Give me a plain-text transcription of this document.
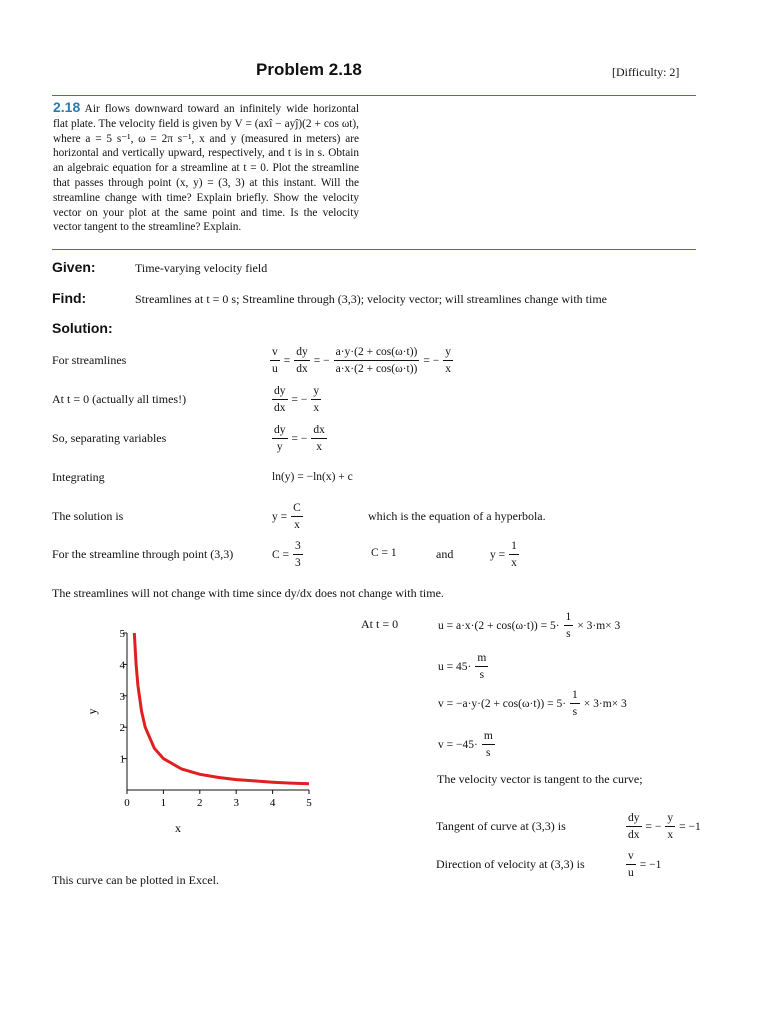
Problem 2.18	[Difficulty: 2]
2.18 Air flows downward toward an infinitely wide horizontal flat plate. The velocity field is given by V = (axî − ayĵ)(2 + cos ωt), where a = 5 s⁻¹, ω = 2π s⁻¹, x and y (measured in meters) are horizontal and vertically upward, respectively, and t is in s. Obtain an algebraic equation for a streamline at t = 0. Plot the streamline that passes through point (x, y) = (3, 3) at this instant. Will the streamline change with time? Explain briefly. Show the velocity vector on your plot at the same point and time. Is the velocity vector tangent to the streamline? Explain.
Given:	Time-varying velocity field
Find:	Streamlines at t = 0 s; Streamline through (3,3); velocity vector; will streamlines change with time
Solution:
For streamlines	$\frac{v}{u} = \frac{dy}{dx}$ = − $\frac{a\cdot y\cdot(2 + \cos(\omega\cdot t))}{a\cdot x\cdot(2 + \cos(\omega\cdot t))}$ = − $\frac{y}{x}$
At t = 0 (actually all times!)	$\frac{dy}{dx}$ = − $\frac{y}{x}$
So, separating variables	$\frac{dy}{y}$ = − $\frac{dx}{x}$
Integrating	ln(y) = −ln(x) + c
The solution is	$y = \frac{C}{x}$	which is the equation of a hyperbola.
For the streamline through point (3,3)	$C = \frac{3}{3}$	C = 1	and	$y = \frac{1}{x}$
The streamlines will not change with time since dy/dx does not change with time.
0	1	2	3	4	5
1
2
3
4
5
x
y
At t = 0	$u = a\cdot x\cdot(2 + \cos(\omega\cdot t)) = 5\cdot \frac{1}{s} \times 3\cdot m\times 3$
$u = 45\cdot \frac{m}{s}$
$v = -a\cdot y\cdot(2 + \cos(\omega\cdot t)) = 5\cdot \frac{1}{s} \times 3\cdot m\times 3$
$v = -45\cdot \frac{m}{s}$
The velocity vector is tangent to the curve;
Tangent of curve at (3,3) is	$\frac{dy}{dx}$ = − $\frac{y}{x} = -1$
Direction of velocity at (3,3) is	$\frac{v}{u} = -1$
This curve can be plotted in Excel.
